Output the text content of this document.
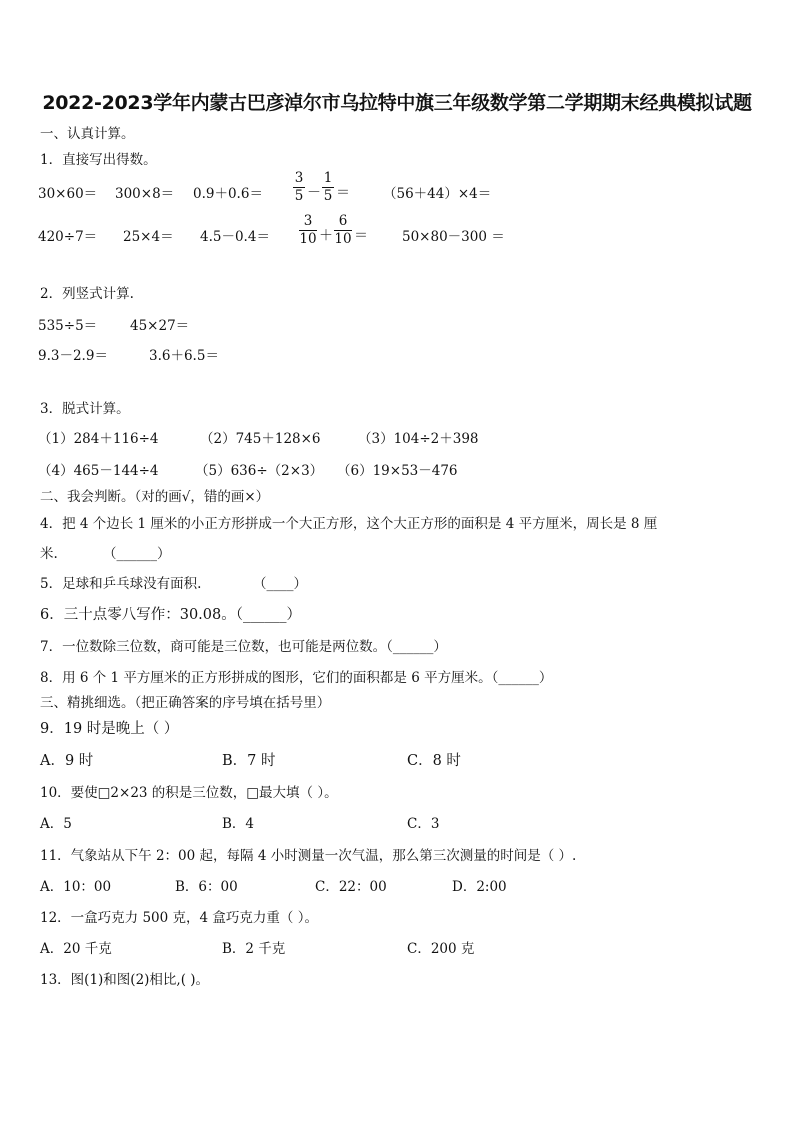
2022-2023学年内蒙古巴彦淖尔市乌拉特中旗三年级数学第二学期期末经典模拟试题
一、认真计算。
1．直接写出得数。
$30\times 60= 300\times 8= 0.9+0.6= \frac{3}{5} - \frac{1}{5} = (56+44)\times 4=$
$420\div 7= 25\times 4= 4.5-0.4= \frac{3}{10} + \frac{6}{10}$ ＝	50×80－300 ＝
2．列竖式计算.
535÷5＝ 45×27＝
9.3－2.9＝	3.6＋6.5＝
3．脱式计算。
（1）284＋116÷4	（2）745＋128×6	（3）104÷2＋398
（4）465－144÷4	（5）636÷（2×3） （6）19×53－476
二、我会判断。（对的画√，错的画×）
4．把 4 个边长 1 厘米的小正方形拼成一个大正方形，这个大正方形的面积是 4 平方厘米，周长是 8 厘
米.	（______）
5．足球和乒乓球没有面积.	（____）
6．三十点零八写作：30.08。（______）
7．一位数除三位数，商可能是三位数，也可能是两位数。（______）
8．用 6 个 1 平方厘米的正方形拼成的图形，它们的面积都是 6 平方厘米。（______）
三、精挑细选。（把正确答案的序号填在括号里）
9．19 时是晚上（ ）
A．9 时	B．7 时	C．8 时
10．要使□2×23 的积是三位数，□最大填（ ）。
A．5	B．4	C．3
11．气象站从下午 2：00 起，每隔 4 小时测量一次气温，那么第三次测量的时间是（ ）.
A．10：00	B．6：00	C．22：00	D．2:00
12．一盒巧克力 500 克，4 盒巧克力重（ ）。
A．20 千克	B．2 千克	C．200 克
13．图(1)和图(2)相比,( )。
